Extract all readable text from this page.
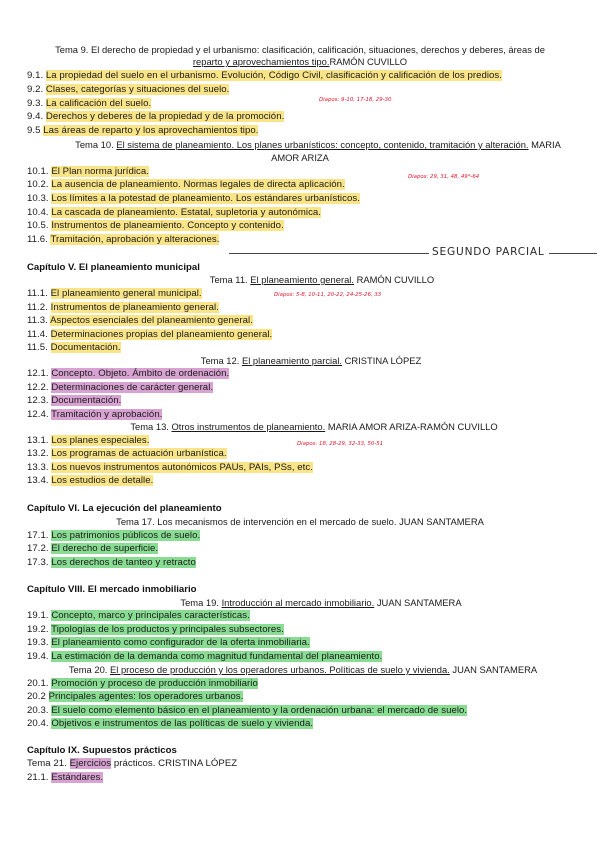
Tema 9. El derecho de propiedad y el urbanismo: clasificación, calificación, situaciones, derechos y deberes, áreas de
reparto y aprovechamientos tipo.RAMÓN CUVILLO
9.1. La propiedad del suelo en el urbanismo. Evolución, Código Civil, clasificación y calificación de los predios.
9.2. Clases, categorías y situaciones del suelo.
9.3. La calificación del suelo.
9.4. Derechos y deberes de la propiedad y de la promoción.
9.5 Las áreas de reparto y los aprovechamientos tipo.
Diapos: 9-10, 17-18, 29-30
Tema 10. El sistema de planeamiento. Los planes urbanísticos: concepto, contenido, tramitación y alteración. MARIA
AMOR ARIZA
10.1. El Plan norma jurídica.
10.2. La ausencia de planeamiento. Normas legales de directa aplicación.
10.3. Los límites a la potestad de planeamiento. Los estándares urbanísticos.
10.4. La cascada de planeamiento. Estatal, supletoria y autonómica.
10.5. Instrumentos de planeamiento. Concepto y contenido.
11.6. Tramitación, aprobación y alteraciones.
Diapos: 29, 31, 48, 49*-64
SEGUNDO PARCIAL
Capítulo V. El planeamiento municipal
Tema 11. El planeamiento general. RAMÓN CUVILLO
11.1. El planeamiento general municipal.
11.2. Instrumentos de planeamiento general.
11.3. Aspectos esenciales del planeamiento general.
11.4. Determinaciones propias del planeamiento general.
11.5. Documentación.
Diapos: 5-8, 10-11, 20-22, 24-25-26, 33
Tema 12. El planeamiento parcial. CRISTINA LÓPEZ
12.1. Concepto. Objeto. Ámbito de ordenación.
12.2. Determinaciones de carácter general.
12.3. Documentación.
12.4. Tramitación y aprobación.
Tema 13. Otros instrumentos de planeamiento. MARIA AMOR ARIZA-RAMÓN CUVILLO
13.1. Los planes especiales.
13.2. Los programas de actuación urbanística.
13.3. Los nuevos instrumentos autonómicos PAUs, PAIs, PSs, etc.
13.4. Los estudios de detalle.
Diapos: 18, 28-29, 32-33, 50-51
Capítulo VI. La ejecución del planeamiento
Tema 17. Los mecanismos de intervención en el mercado de suelo. JUAN SANTAMERA
17.1. Los patrimonios públicos de suelo.
17.2. El derecho de superficie.
17.3. Los derechos de tanteo y retracto
Capítulo VIII. El mercado inmobiliario
Tema 19. Introducción al mercado inmobiliario. JUAN SANTAMERA
19.1. Concepto, marco y principales características.
19.2. Tipologías de los productos y principales subsectores.
19.3. El planeamiento como configurador de la oferta inmobiliaria.
19.4. La estimación de la demanda como magnitud fundamental del planeamiento.
Tema 20. El proceso de producción y los operadores urbanos. Políticas de suelo y vivienda. JUAN SANTAMERA
20.1. Promoción y proceso de producción inmobiliario
20.2 Principales agentes: los operadores urbanos.
20.3. El suelo como elemento básico en el planeamiento y la ordenación urbana: el mercado de suelo.
20.4. Objetivos e instrumentos de las políticas de suelo y vivienda.
Capítulo IX. Supuestos prácticos
Tema 21. Ejercicios prácticos. CRISTINA LÓPEZ
21.1. Estándares.
